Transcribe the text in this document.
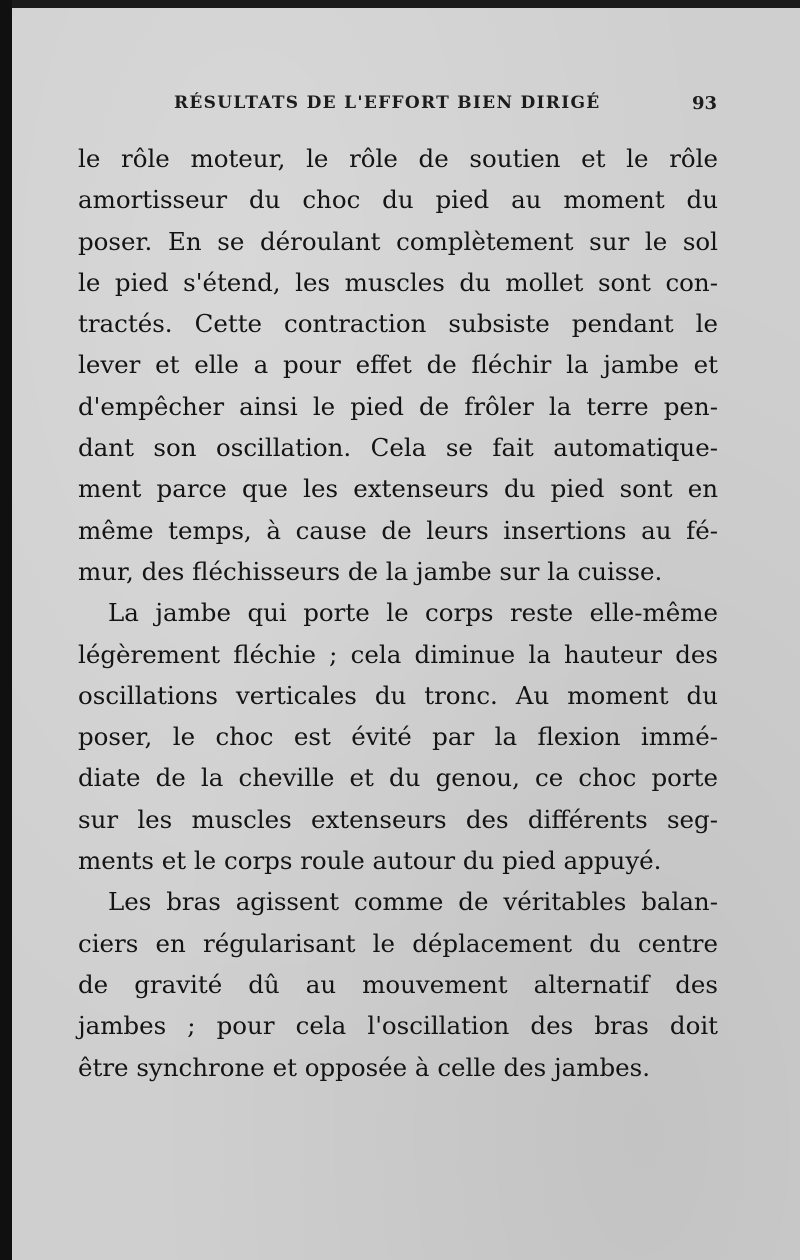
RÉSULTATS DE L'EFFORT BIEN DIRIGÉ	93
le rôle moteur, le rôle de soutien et le rôle
amortisseur du choc du pied au moment du
poser. En se déroulant complètement sur le sol
le pied s'étend, les muscles du mollet sont con-
tractés. Cette contraction subsiste pendant le
lever et elle a pour effet de fléchir la jambe et
d'empêcher ainsi le pied de frôler la terre pen-
dant son oscillation. Cela se fait automatique-
ment parce que les extenseurs du pied sont en
même temps, à cause de leurs insertions au fé-
mur, des fléchisseurs de la jambe sur la cuisse.
La jambe qui porte le corps reste elle-même
légèrement fléchie ; cela diminue la hauteur des
oscillations verticales du tronc. Au moment du
poser, le choc est évité par la flexion immé-
diate de la cheville et du genou, ce choc porte
sur les muscles extenseurs des différents seg-
ments et le corps roule autour du pied appuyé.
Les bras agissent comme de véritables balan-
ciers en régularisant le déplacement du centre
de gravité dû au mouvement alternatif des
jambes ; pour cela l'oscillation des bras doit
être synchrone et opposée à celle des jambes.
